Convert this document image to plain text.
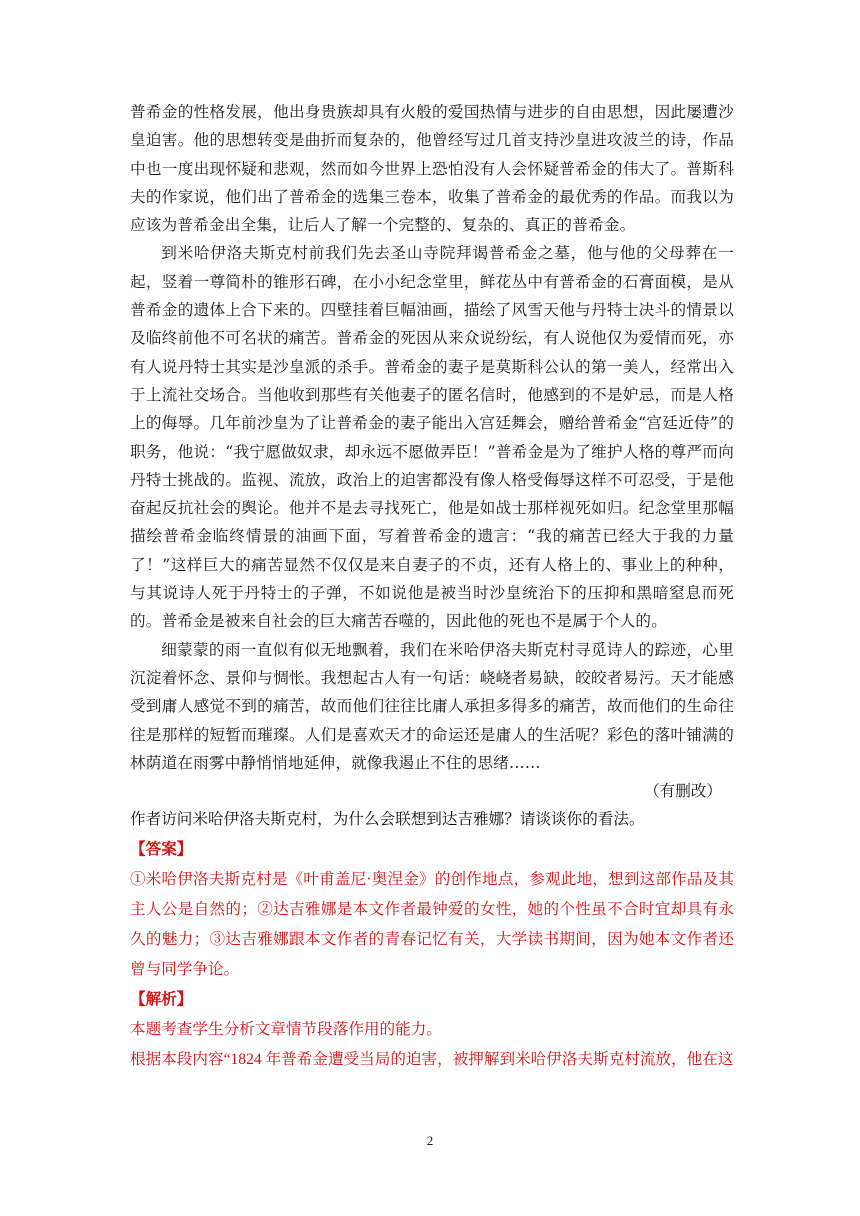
普希金的性格发展，他出身贵族却具有火般的爱国热情与进步的自由思想，因此屡遭沙皇迫害。他的思想转变是曲折而复杂的，他曾经写过几首支持沙皇进攻波兰的诗，作品中也一度出现怀疑和悲观，然而如今世界上恐怕没有人会怀疑普希金的伟大了。普斯科夫的作家说，他们出了普希金的选集三卷本，收集了普希金的最优秀的作品。而我以为应该为普希金出全集，让后人了解一个完整的、复杂的、真正的普希金。

到米哈伊洛夫斯克村前我们先去圣山寺院拜谒普希金之墓，他与他的父母葬在一起，竖着一尊简朴的锥形石碑，在小小纪念堂里，鲜花丛中有普希金的石膏面模，是从普希金的遗体上合下来的。四壁挂着巨幅油画，描绘了风雪天他与丹特士决斗的情景以及临终前他不可名状的痛苦。普希金的死因从来众说纷纭，有人说他仅为爱情而死，亦有人说丹特士其实是沙皇派的杀手。普希金的妻子是莫斯科公认的第一美人，经常出入于上流社交场合。当他收到那些有关他妻子的匿名信时，他感到的不是妒忌，而是人格上的侮辱。几年前沙皇为了让普希金的妻子能出入宫廷舞会，赠给普希金“宫廷近侍”的职务，他说：“我宁愿做奴隶，却永远不愿做弄臣！”普希金是为了维护人格的尊严而向丹特士挑战的。监视、流放，政治上的迫害都没有像人格受侮辱这样不可忍受，于是他奋起反抗社会的舆论。他并不是去寻找死亡，他是如战士那样视死如归。纪念堂里那幅描绘普希金临终情景的油画下面，写着普希金的遗言：“我的痛苦已经大于我的力量了！”这样巨大的痛苦显然不仅仅是来自妻子的不贞，还有人格上的、事业上的种种，与其说诗人死于丹特士的子弹，不如说他是被当时沙皇统治下的压抑和黑暗窒息而死的。普希金是被来自社会的巨大痛苦吞噬的，因此他的死也不是属于个人的。

细蒙蒙的雨一直似有似无地飘着，我们在米哈伊洛夫斯克村寻觅诗人的踪迹，心里沉淀着怀念、景仰与惆怅。我想起古人有一句话：峣峣者易缺，皎皎者易污。天才能感受到庸人感觉不到的痛苦，故而他们往往比庸人承担多得多的痛苦，故而他们的生命往往是那样的短暂而璀璨。人们是喜欢天才的命运还是庸人的生活呢？彩色的落叶铺满的林荫道在雨雾中静悄悄地延伸，就像我遏止不住的思绪……

（有删改）

作者访问米哈伊洛夫斯克村，为什么会联想到达吉雅娜？请谈谈你的看法。

【答案】

①米哈伊洛夫斯克村是《叶甫盖尼·奥涅金》的创作地点，参观此地，想到这部作品及其主人公是自然的；②达吉雅娜是本文作者最钟爱的女性，她的个性虽不合时宜却具有永久的魅力；③达吉雅娜跟本文作者的青春记忆有关，大学读书期间，因为她本文作者还曾与同学争论。

【解析】

本题考查学生分析文章情节段落作用的能力。

根据本段内容“1824 年普希金遭受当局的迫害，被押解到米哈伊洛夫斯克村流放，他在这

2
